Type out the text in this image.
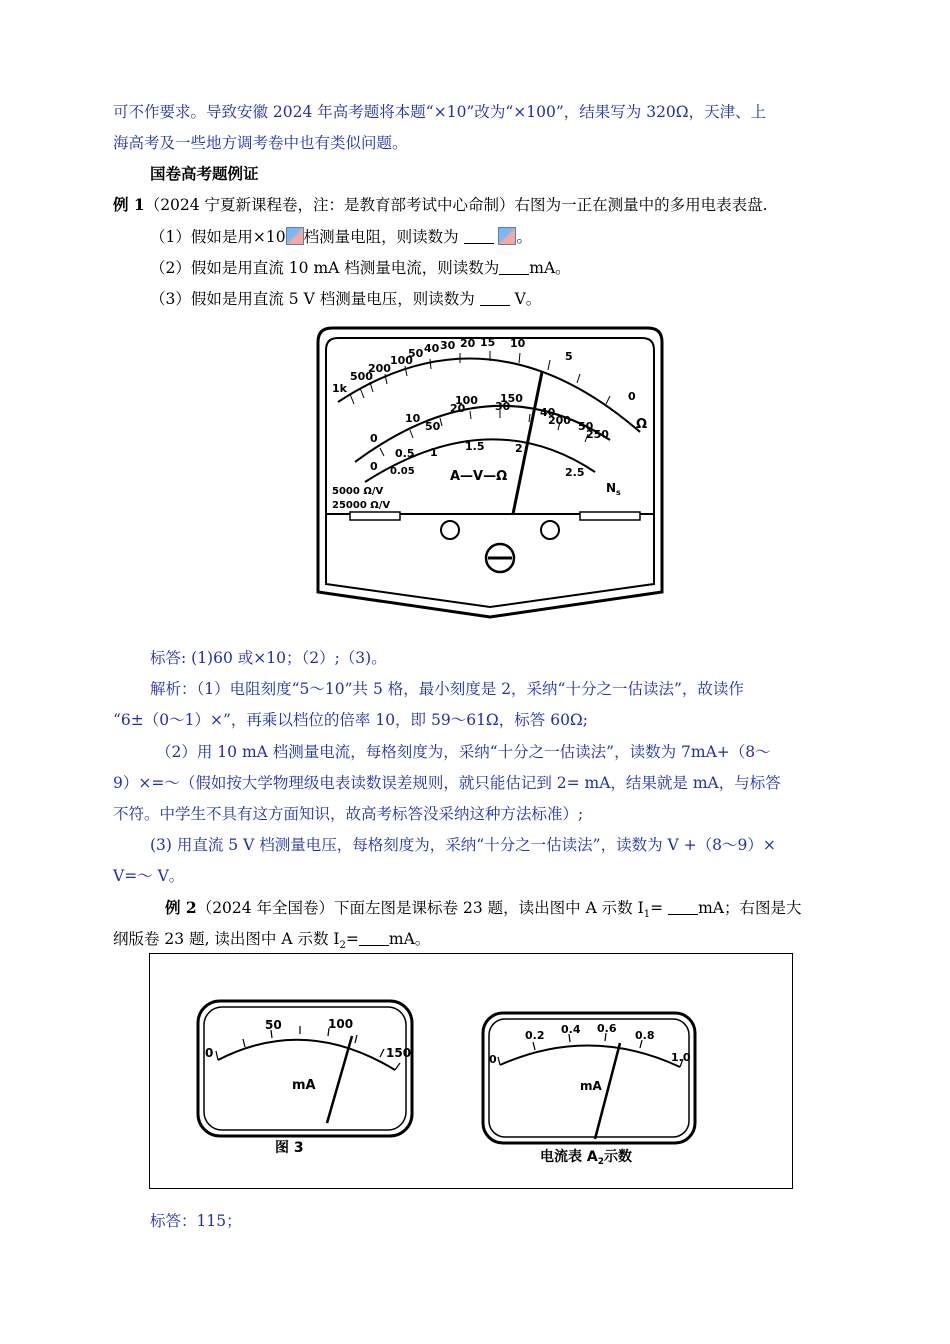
可不作要求。导致安徽 2024 年高考题将本题“×10”改为“×100”，结果写为 320Ω，天津、上
海高考及一些地方调考卷中也有类似问题。
国卷高考题例证
例 1（2024 宁夏新课程卷，注：是教育部考试中心命制）右图为一正在测量中的多用电表表盘.
（1）假如是用×10 档测量电阻，则读数为	。
（2）假如是用直流 10 mA 档测量电流，则读数为 mA。
（3）假如是用直流 5 V 档测量电压，则读数为	V。
1k
500
200
100
50 40 30 20 15 10
5
0
Ω
0
10
20	30	40
50
50
100 150
200
250
0
0.5 1 1.5	2
2.5
0.05	A—V—Ω
$N_s$
5000 Ω/V
25000 Ω/V
标答: (1)60 或×10；（2）;（3)。
解析：（1）电阻刻度“5～10”共 5 格，最小刻度是 2，采纳“十分之一估读法”，故读作
“6±（0～1）×”，再乘以档位的倍率 10，即 59～61Ω，标答 60Ω;
（2）用 10 mA 档测量电流，每格刻度为，采纳“十分之一估读法”，读数为 7mA+（8～
9）×=～（假如按大学物理级电表读数误差规则，就只能估记到 2= mA，结果就是 mA，与标答
不符。中学生不具有这方面知识，故高考标答没采纳这种方法标准）;
(3) 用直流 5 V 档测量电压，每格刻度为，采纳“十分之一估读法”，读数为 V +（8～9）×
V=～ V。
例 2（2024 年全国卷）下面左图是课标卷 23 题，读出图中 A 示数 $I_1=$ mA；右图是大
纲版卷 23 题, 读出图中 A 示数 $I_2=$ mA。
0
50	100
150
mA
图 3
0
0.2 0.4 0.6
0.8
1.0
mA
电流表 $A_2$示数
标答：115；
